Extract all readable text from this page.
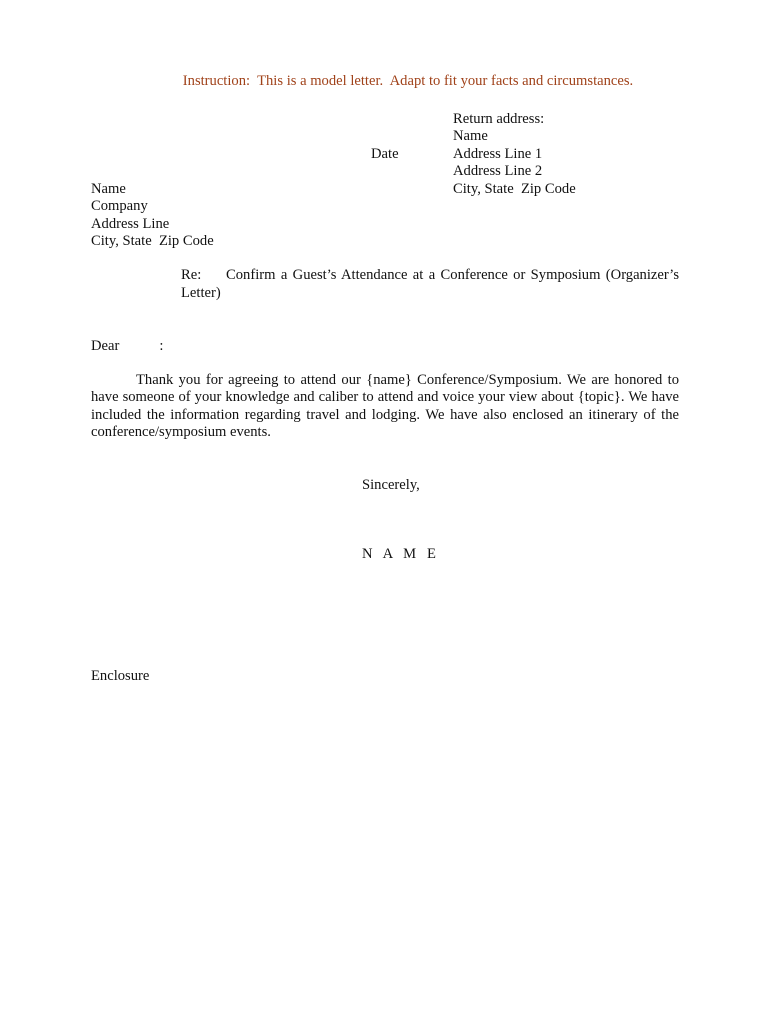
Instruction:  This is a model letter.  Adapt to fit your facts and circumstances.
Return address:
Name
Address Line 1
Address Line 2
City, State  Zip Code
Date
Name
Company
Address Line
City, State  Zip Code
Re: Confirm a Guest’s Attendance at a Conference or Symposium (Organizer’s Letter)
Dear	:
Thank you for agreeing to attend our {name} Conference/Symposium. We are honored to have someone of your knowledge and caliber to attend and voice your view about {topic}. We have included the information regarding travel and lodging. We have also enclosed an itinerary of the conference/symposium events.
Sincerely,
N A M E
Enclosure
